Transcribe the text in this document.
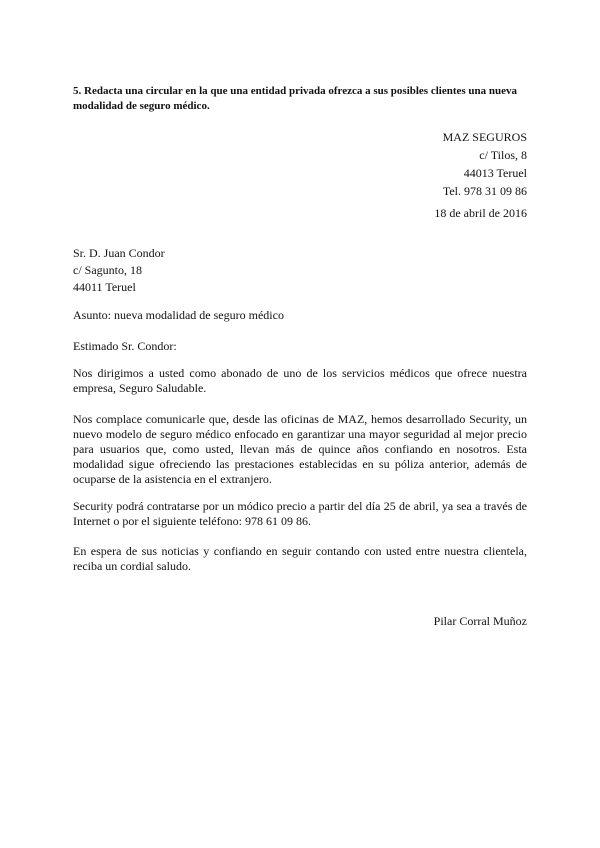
5. Redacta una circular en la que una entidad privada ofrezca a sus posibles clientes una nueva modalidad de seguro médico.
MAZ SEGUROS
c/ Tilos, 8
44013 Teruel
Tel. 978 31 09 86
18 de abril de 2016
Sr. D. Juan Condor
c/ Sagunto, 18
44011 Teruel
Asunto: nueva modalidad de seguro médico
Estimado Sr. Condor:

Nos dirigimos a usted como abonado de uno de los servicios médicos que ofrece nuestra empresa, Seguro Saludable.

Nos complace comunicarle que, desde las oficinas de MAZ, hemos desarrollado Security, un nuevo modelo de seguro médico enfocado en garantizar una mayor seguridad al mejor precio para usuarios que, como usted, llevan más de quince años confiando en nosotros. Esta modalidad sigue ofreciendo las prestaciones establecidas en su póliza anterior, además de ocuparse de la asistencia en el extranjero.

Security podrá contratarse por un módico precio a partir del día 25 de abril, ya sea a través de Internet o por el siguiente teléfono: 978 61 09 86.

En espera de sus noticias y confiando en seguir contando con usted entre nuestra clientela, reciba un cordial saludo.

Pilar Corral Muñoz
